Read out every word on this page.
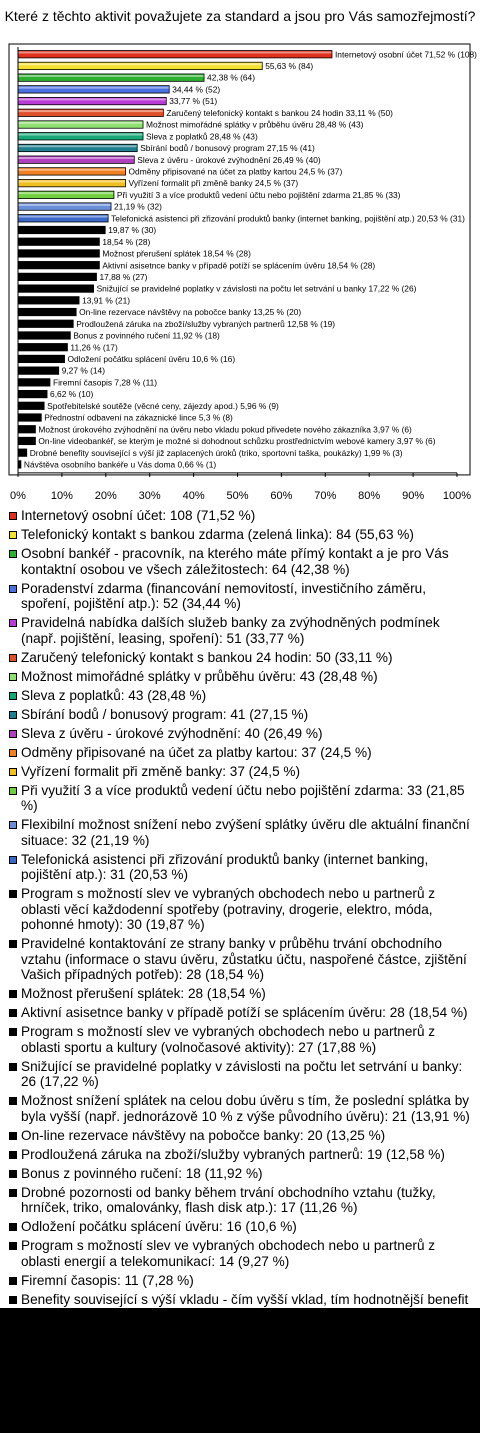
Které z těchto aktivit považujete za standard a jsou pro Vás samozřejmostí?
Internetový osobní účet 71,52 % (108)
55,63 % (84)
42,38 % (64)
34,44 % (52)
33,77 % (51)
Zaručený telefonický kontakt s bankou 24 hodin 33,11 % (50)
Možnost mimořádné splátky v průběhu úvěru 28,48 % (43)
Sleva z poplatků 28,48 % (43)
Sbírání bodů / bonusový program 27,15 % (41)
Sleva z úvěru - úrokové zvýhodnění 26,49 % (40)
Odměny připisované na účet za platby kartou 24,5 % (37)
Vyřízení formalit při změně banky 24,5 % (37)
Při využití 3 a více produktů vedení účtu nebo pojištění zdarma 21,85 % (33)
21,19 % (32)
Telefonická asistenci při zřizování produktů banky (internet banking, pojištění atp.) 20,53 % (31)
19,87 % (30)
18,54 % (28)
Možnost přerušení splátek 18,54 % (28)
Aktivní asisetnce banky v případě potíží se splácením úvěru 18,54 % (28)
17,88 % (27)
Snižující se pravidelné poplatky v závislosti na počtu let setrvání u banky 17,22 % (26)
13,91 % (21)
On-line rezervace návštěvy na pobočce banky 13,25 % (20)
Prodloužená záruka na zboží/služby vybraných partnerů 12,58 % (19)
Bonus z povinného ručení 11,92 % (18)
11,26 % (17)
Odložení počátku splácení úvěru 10,6 % (16)
9,27 % (14)
Firemní časopis 7,28 % (11)
6,62 % (10)
Spotřebitelské soutěže (věcné ceny, zájezdy apod.) 5,96 % (9)
Přednostní odbavení na zákaznické lince 5,3 % (8)
Možnost úrokového zvýhodnění na úvěru nebo vkladu pokud přivedete nového zákazníka 3,97 % (6)
On-line videobankéř, se kterým je možné si dohodnout schůzku prostřednictvím webové kamery 3,97 % (6)
Drobné benefity související s výší již zaplacených úroků (triko, sportovní taška, poukázky) 1,99 % (3)
Návštěva osobního bankéře u Vás doma 0,66 % (1)
0% 10% 20% 30% 40% 50% 60% 70% 80% 90% 100%
Internetový osobní účet: 108 (71,52 %)
Telefonický kontakt s bankou zdarma (zelená linka): 84 (55,63 %)
Osobní bankéř - pracovník, na kterého máte přímý kontakt a je pro Vás kontaktní osobou ve všech záležitostech: 64 (42,38 %)
Poradenství zdarma (financování nemovitostí, investičního záměru, spoření, pojištění atp.): 52 (34,44 %)
Pravidelná nabídka dalších služeb banky za zvýhodněných podmínek (např. pojištění, leasing, spoření): 51 (33,77 %)
Zaručený telefonický kontakt s bankou 24 hodin: 50 (33,11 %)
Možnost mimořádné splátky v průběhu úvěru: 43 (28,48 %)
Sleva z poplatků: 43 (28,48 %)
Sbírání bodů / bonusový program: 41 (27,15 %)
Sleva z úvěru - úrokové zvýhodnění: 40 (26,49 %)
Odměny připisované na účet za platby kartou: 37 (24,5 %)
Vyřízení formalit při změně banky: 37 (24,5 %)
Při využití 3 a více produktů vedení účtu nebo pojištění zdarma: 33 (21,85 %)
Flexibilní možnost snížení nebo zvýšení splátky úvěru dle aktuální finanční situace: 32 (21,19 %)
Telefonická asistenci při zřizování produktů banky (internet banking, pojištění atp.): 31 (20,53 %)
Program s možností slev ve vybraných obchodech nebo u partnerů z oblasti věcí každodenní spotřeby (potraviny, drogerie, elektro, móda, pohonné hmoty): 30 (19,87 %)
Pravidelné kontaktování ze strany banky v průběhu trvání obchodního vztahu (informace o stavu úvěru, zůstatku účtu, naspořené částce, zjištění Vašich případných potřeb): 28 (18,54 %)
Možnost přerušení splátek: 28 (18,54 %)
Aktivní asisetnce banky v případě potíží se splácením úvěru: 28 (18,54 %)
Program s možností slev ve vybraných obchodech nebo u partnerů z oblasti sportu a kultury (volnočasové aktivity): 27 (17,88 %)
Snižující se pravidelné poplatky v závislosti na počtu let setrvání u banky: 26 (17,22 %)
Možnost snížení splátek na celou dobu úvěru s tím, že poslední splátka by byla vyšší (např. jednorázově 10 % z výše původního úvěru): 21 (13,91 %)
On-line rezervace návštěvy na pobočce banky: 20 (13,25 %)
Prodloužená záruka na zboží/služby vybraných partnerů: 19 (12,58 %)
Bonus z povinného ručení: 18 (11,92 %)
Drobné pozornosti od banky během trvání obchodního vztahu (tužky, hrníček, triko, omalovánky, flash disk atp.): 17 (11,26 %)
Odložení počátku splácení úvěru: 16 (10,6 %)
Program s možností slev ve vybraných obchodech nebo u partnerů z oblasti energií a telekomunikací: 14 (9,27 %)
Firemní časopis: 11 (7,28 %)
Benefity související s výší vkladu - čím vyšší vklad, tím hodnotnější benefit (triko, elektronika, letenky): 10 (6,62 %)
Spotřebitelské soutěže (věcné ceny, zájezdy apod.): 9 (5,96 %)
Přednostní odbavení na zákaznické lince: 8 (5,3 %)
Možnost úrokového zvýhodnění na úvěru nebo vkladu pokud přivedete nového zákazníka: 6 (3,97 %)
On-line videobankéř, se kterým je možné si dohodnout schůzku prostřednictvím webové kamery: 6 (3,97 %)
